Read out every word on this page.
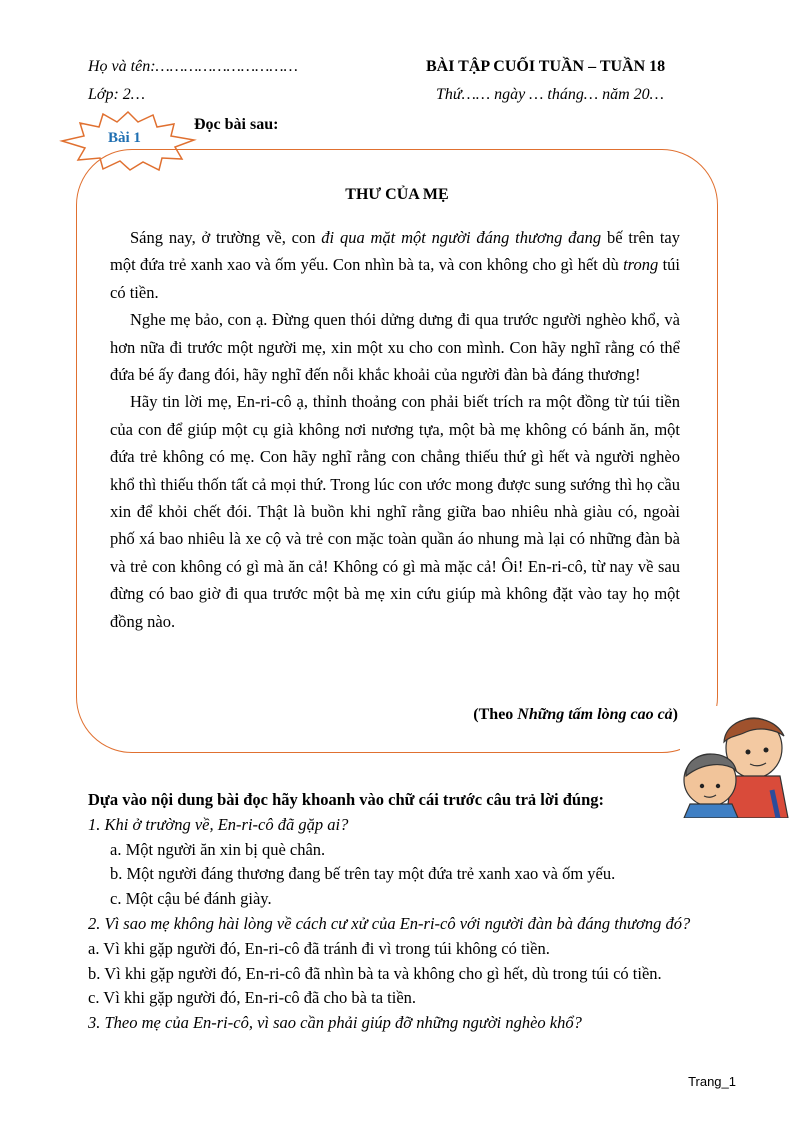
Họ và tên:…………………………	BÀI TẬP CUỐI TUẦN – TUẦN 18
Lớp: 2…	Thứ…… ngày … tháng… năm 20…
Bài 1
Đọc bài sau:
THƯ CỦA MẸ

Sáng nay, ở trường về, con đi qua mặt một người đáng thương đang bế trên tay một đứa trẻ xanh xao và ốm yếu. Con nhìn bà ta, và con không cho gì hết dù trong túi có tiền.

Nghe mẹ bảo, con ạ. Đừng quen thói dửng dưng đi qua trước người nghèo khổ, và hơn nữa đi trước một người mẹ, xin một xu cho con mình. Con hãy nghĩ rằng có thể đứa bé ấy đang đói, hãy nghĩ đến nỗi khắc khoải của người đàn bà đáng thương!

Hãy tin lời mẹ, En-ri-cô ạ, thỉnh thoảng con phải biết trích ra một đồng từ túi tiền của con để giúp một cụ già không nơi nương tựa, một bà mẹ không có bánh ăn, một đứa trẻ không có mẹ. Con hãy nghĩ rằng con chẳng thiếu thứ gì hết và người nghèo khổ thì thiếu thốn tất cả mọi thứ. Trong lúc con ước mong được sung sướng thì họ cầu xin để khỏi chết đói. Thật là buồn khi nghĩ rằng giữa bao nhiêu nhà giàu có, ngoài phố xá bao nhiêu là xe cộ và trẻ con mặc toàn quần áo nhung mà lại có những đàn bà và trẻ con không có gì mà ăn cả! Không có gì mà mặc cả! Ôi! En-ri-cô, từ nay về sau đừng có bao giờ đi qua trước một bà mẹ xin cứu giúp mà không đặt vào tay họ một đồng nào.

(Theo Những tấm lòng cao cả)
Dựa vào nội dung bài đọc hãy khoanh vào chữ cái trước câu trả lời đúng:
1. Khi ở trường về, En-ri-cô đã gặp ai?
a. Một người ăn xin bị què chân.
b. Một người đáng thương đang bế trên tay một đứa trẻ xanh xao và ốm yếu.
c. Một cậu bé đánh giày.
2. Vì sao mẹ không hài lòng về cách cư xử của En-ri-cô với người đàn bà đáng thương đó?
a. Vì khi gặp người đó, En-ri-cô đã tránh đi vì trong túi không có tiền.
b. Vì khi gặp người đó, En-ri-cô đã nhìn bà ta và không cho gì hết, dù trong túi có tiền.
c. Vì khi gặp người đó, En-ri-cô đã cho bà ta tiền.
3. Theo mẹ của En-ri-cô, vì sao cần phải giúp đỡ những người nghèo khổ?
Trang_1
